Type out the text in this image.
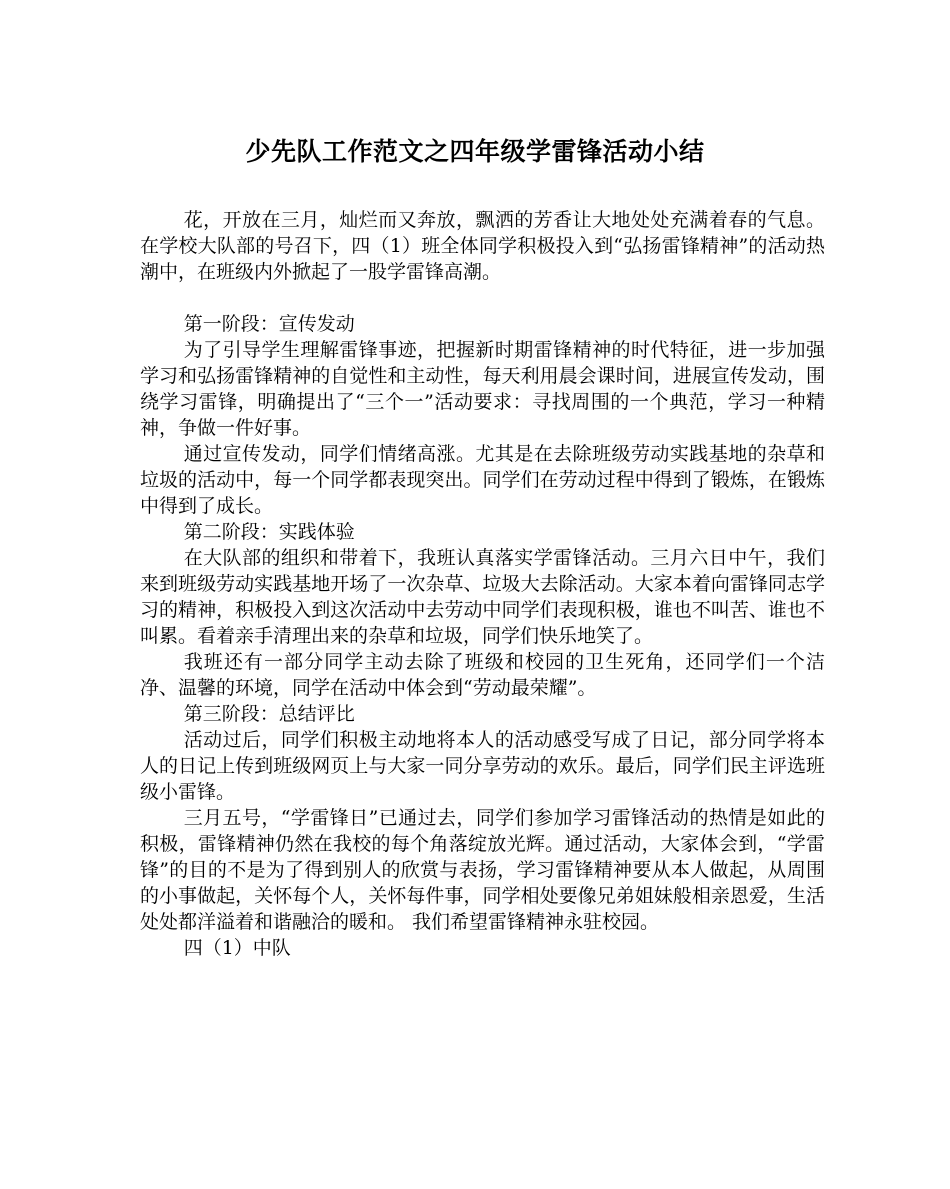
少先队工作范文之四年级学雷锋活动小结

花，开放在三月，灿烂而又奔放，飘洒的芳香让大地处处充满着春的气息。在学校大队部的号召下，四（1）班全体同学积极投入到“弘扬雷锋精神”的活动热潮中，在班级内外掀起了一股学雷锋高潮。

第一阶段：宣传发动

为了引导学生理解雷锋事迹，把握新时期雷锋精神的时代特征，进一步加强学习和弘扬雷锋精神的自觉性和主动性，每天利用晨会课时间，进展宣传发动，围绕学习雷锋，明确提出了“三个一”活动要求：寻找周围的一个典范，学习一种精神，争做一件好事。

通过宣传发动，同学们情绪高涨。尤其是在去除班级劳动实践基地的杂草和垃圾的活动中，每一个同学都表现突出。同学们在劳动过程中得到了锻炼，在锻炼中得到了成长。

第二阶段：实践体验

在大队部的组织和带着下，我班认真落实学雷锋活动。三月六日中午，我们来到班级劳动实践基地开场了一次杂草、垃圾大去除活动。大家本着向雷锋同志学习的精神，积极投入到这次活动中去劳动中同学们表现积极，谁也不叫苦、谁也不叫累。看着亲手清理出来的杂草和垃圾，同学们快乐地笑了。

我班还有一部分同学主动去除了班级和校园的卫生死角，还同学们一个洁净、温馨的环境，同学在活动中体会到“劳动最荣耀”。

第三阶段：总结评比

活动过后，同学们积极主动地将本人的活动感受写成了日记，部分同学将本人的日记上传到班级网页上与大家一同分享劳动的欢乐。最后，同学们民主评选班级小雷锋。

三月五号，“学雷锋日”已通过去，同学们参加学习雷锋活动的热情是如此的积极，雷锋精神仍然在我校的每个角落绽放光辉。通过活动，大家体会到，“学雷锋”的目的不是为了得到别人的欣赏与表扬，学习雷锋精神要从本人做起，从周围的小事做起，关怀每个人，关怀每件事，同学相处要像兄弟姐妹般相亲恩爱，生活处处都洋溢着和谐融洽的暖和。 我们希望雷锋精神永驻校园。

四（1）中队
